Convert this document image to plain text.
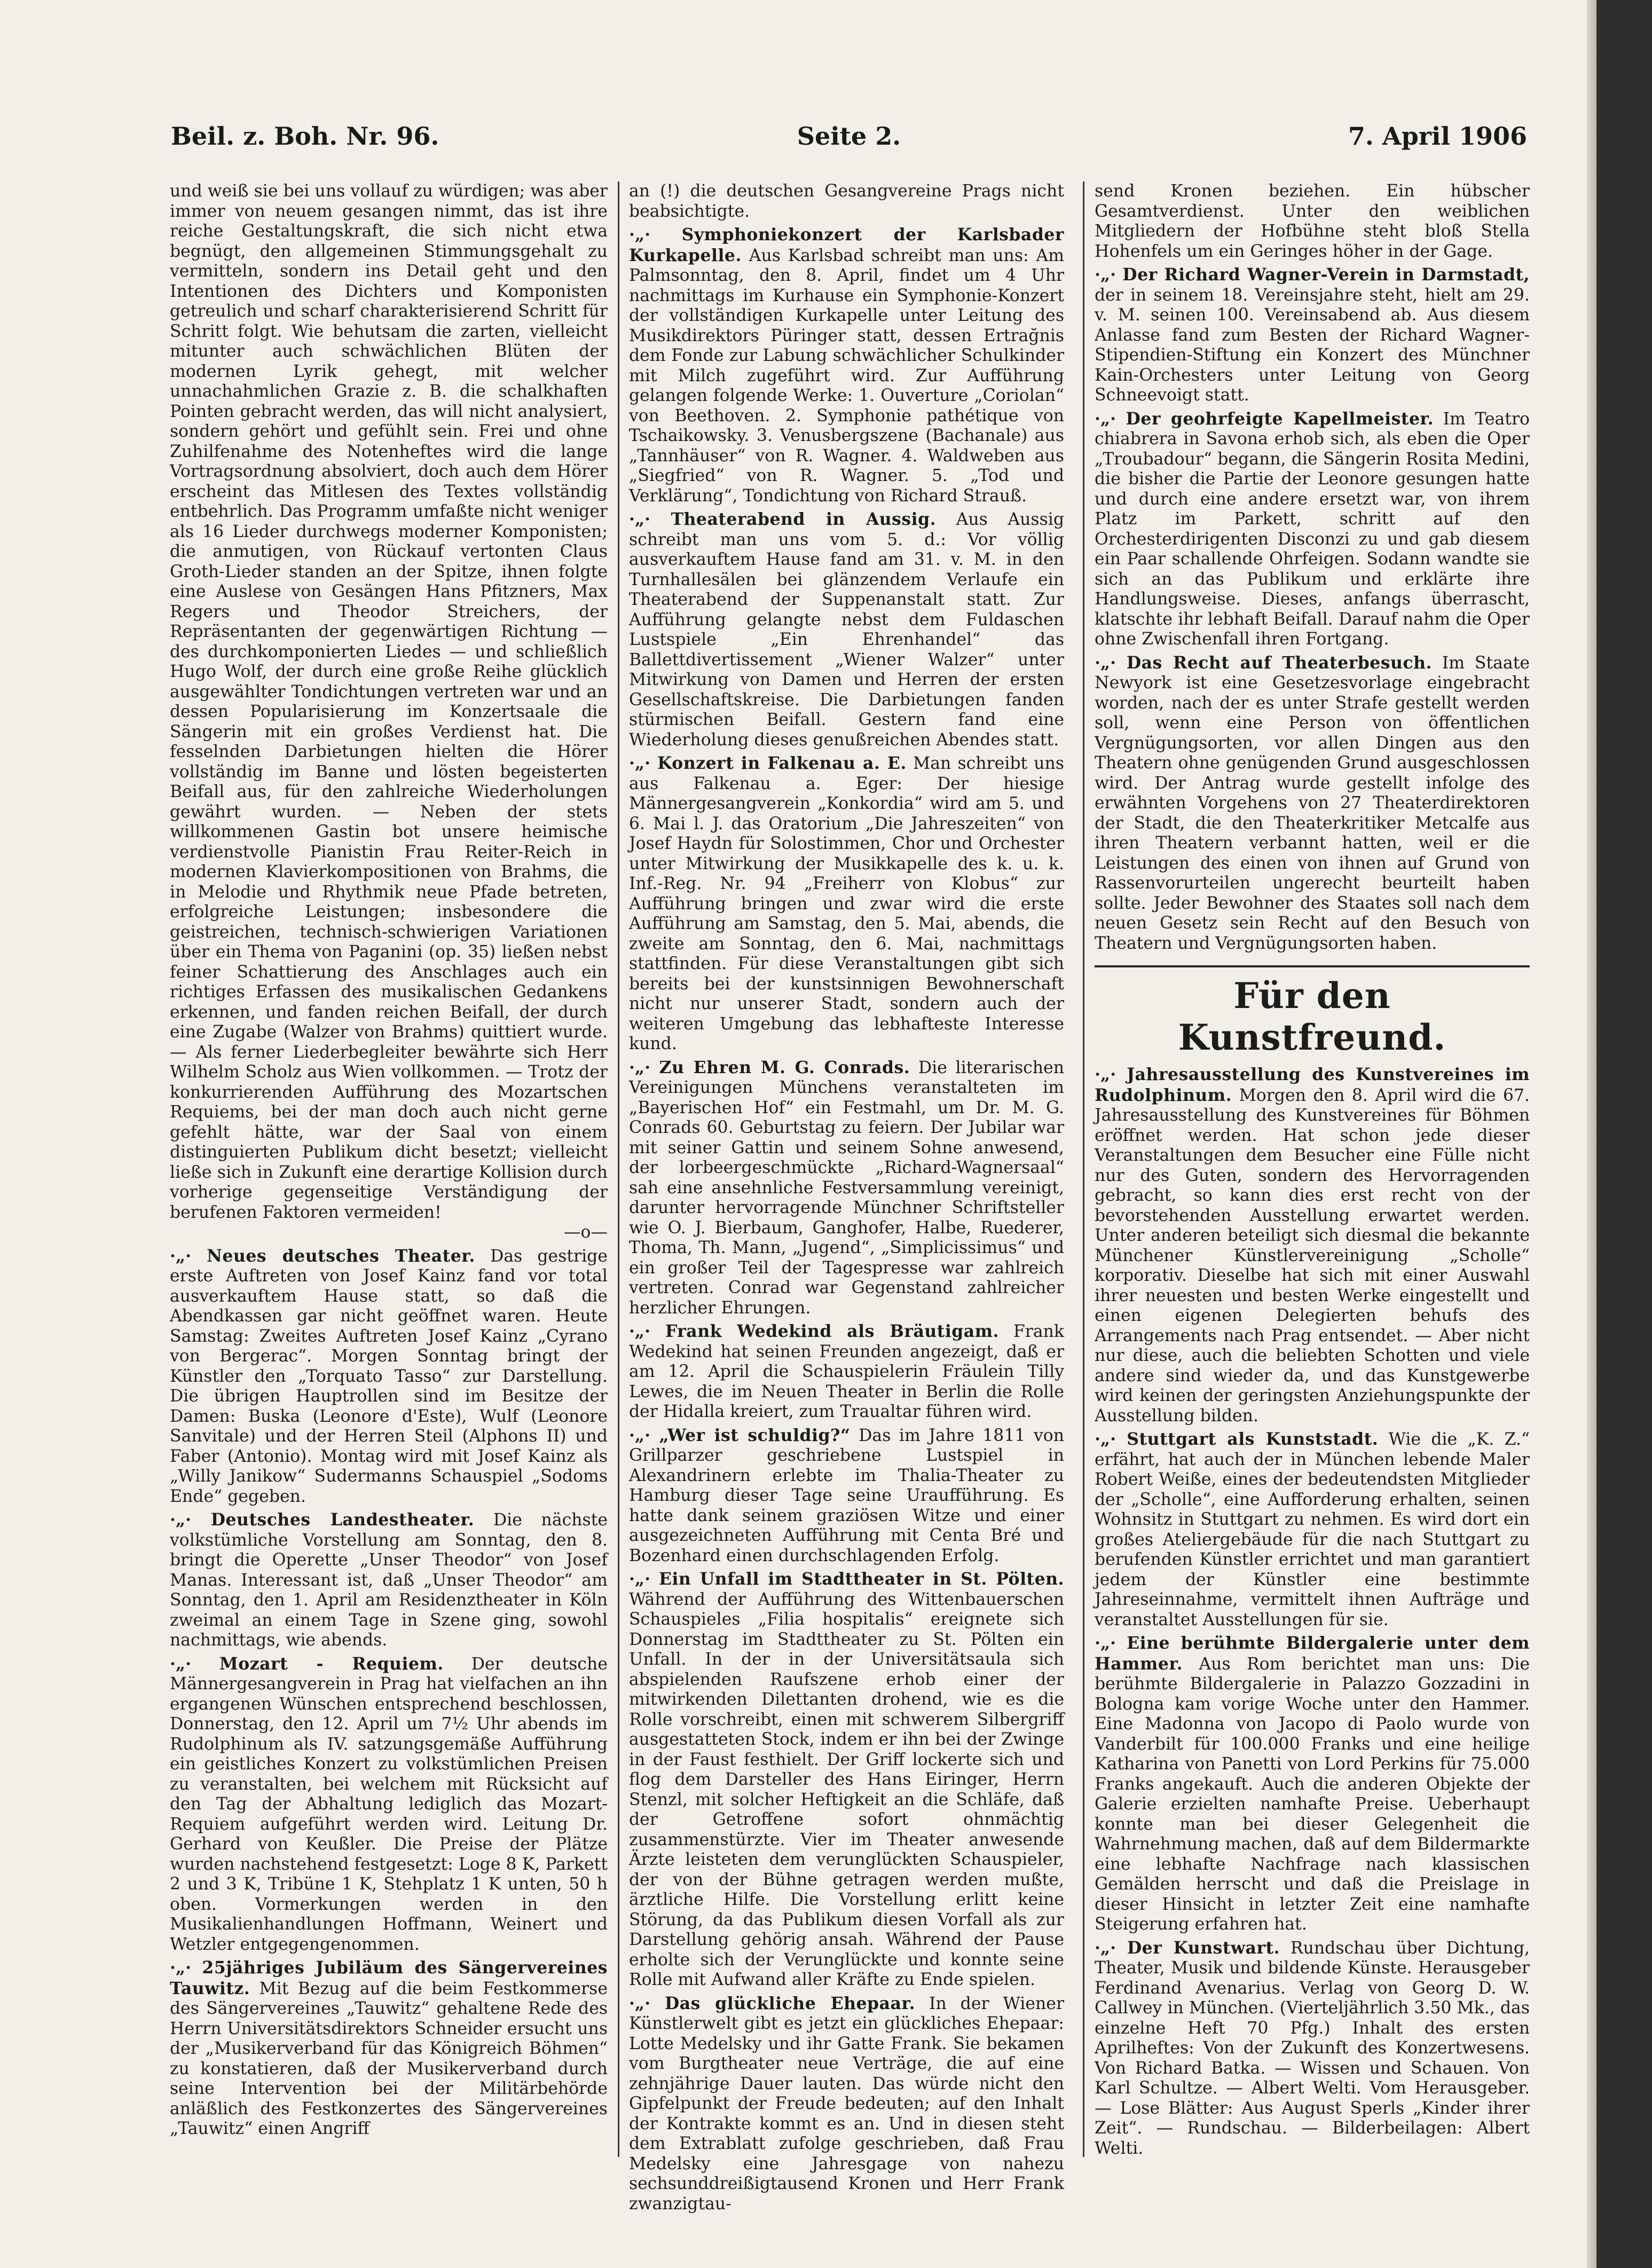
Beil. z. Boh. Nr. 96.	Seite 2.	7. April 1906

und weiß sie bei uns vollauf zu würdigen; was aber immer von neuem gesangen nimmt, das ist ihre reiche Gestaltungskraft, die sich nicht etwa begnügt, den allgemeinen Stimmungsgehalt zu vermitteln, sondern ins Detail geht und den Intentionen des Dichters und Komponisten getreulich und scharf charakterisierend Schritt für Schritt folgt. Wie behutsam die zarten, vielleicht mitunter auch schwächlichen Blüten der modernen Lyrik gehegt, mit welcher unnachahmlichen Grazie z. B. die schalkhaften Pointen gebracht werden, das will nicht analysiert, sondern gehört und gefühlt sein. Frei und ohne Zuhilfenahme des Notenheftes wird die lange Vortragsordnung absolviert, doch auch dem Hörer erscheint das Mitlesen des Textes vollständig entbehrlich. Das Programm umfaßte nicht weniger als 16 Lieder durchwegs moderner Komponisten; die anmutigen, von Rückauf vertonten Claus Groth-Lieder standen an der Spitze, ihnen folgte eine Auslese von Gesängen Hans Pfitzners, Max Regers und Theodor Streichers, der Repräsentanten der gegenwärtigen Richtung — des durchkomponierten Liedes — und schließlich Hugo Wolf, der durch eine große Reihe glücklich ausgewählter Tondichtungen vertreten war und an dessen Popularisierung im Konzertsaale die Sängerin mit ein großes Verdienst hat. Die fesselnden Darbietungen hielten die Hörer vollständig im Banne und lösten begeisterten Beifall aus, für den zahlreiche Wiederholungen gewährt wurden. — Neben der stets willkommenen Gastin bot unsere heimische verdienstvolle Pianistin Frau Reiter-Reich in modernen Klavierkompositionen von Brahms, die in Melodie und Rhythmik neue Pfade betreten, erfolgreiche Leistungen; insbesondere die geistreichen, technisch-schwierigen Variationen über ein Thema von Paganini (op. 35) ließen nebst feiner Schattierung des Anschlages auch ein richtiges Erfassen des musikalischen Gedankens erkennen, und fanden reichen Beifall, der durch eine Zugabe (Walzer von Brahms) quittiert wurde. — Als ferner Liederbegleiter bewährte sich Herr Wilhelm Scholz aus Wien vollkommen. — Trotz der konkurrierenden Aufführung des Mozartschen Requiems, bei der man doch auch nicht gerne gefehlt hätte, war der Saal von einem distinguierten Publikum dicht besetzt; vielleicht ließe sich in Zukunft eine derartige Kollision durch vorherige gegenseitige Verständigung der berufenen Faktoren vermeiden!
—o—

·„· Neues deutsches Theater. Das gestrige erste Auftreten von Josef Kainz fand vor total ausverkauftem Hause statt, so daß die Abendkassen gar nicht geöffnet waren. Heute Samstag: Zweites Auftreten Josef Kainz „Cyrano von Bergerac“. Morgen Sonntag bringt der Künstler den „Torquato Tasso“ zur Darstellung. Die übrigen Hauptrollen sind im Besitze der Damen: Buska (Leonore d'Este), Wulf (Leonore Sanvitale) und der Herren Steil (Alphons II) und Faber (Antonio). Montag wird mit Josef Kainz als „Willy Janikow“ Sudermanns Schauspiel „Sodoms Ende“ gegeben.

·„· Deutsches Landestheater. Die nächste volkstümliche Vorstellung am Sonntag, den 8. bringt die Operette „Unser Theodor“ von Josef Manas. Interessant ist, daß „Unser Theodor“ am Sonntag, den 1. April am Residenztheater in Köln zweimal an einem Tage in Szene ging, sowohl nachmittags, wie abends.

·„· Mozart - Requiem. Der deutsche Männergesangverein in Prag hat vielfachen an ihn ergangenen Wünschen entsprechend beschlossen, Donnerstag, den 12. April um 7½ Uhr abends im Rudolphinum als IV. satzungsgemäße Aufführung ein geistliches Konzert zu volkstümlichen Preisen zu veranstalten, bei welchem mit Rücksicht auf den Tag der Abhaltung lediglich das Mozart-Requiem aufgeführt werden wird. Leitung Dr. Gerhard von Keußler. Die Preise der Plätze wurden nachstehend festgesetzt: Loge 8 K, Parkett 2 und 3 K, Tribüne 1 K, Stehplatz 1 K unten, 50 h oben. Vormerkungen werden in den Musikalienhandlungen Hoffmann, Weinert und Wetzler entgegengenommen.

·„· 25jähriges Jubiläum des Sängervereines Tauwitz. Mit Bezug auf die beim Festkommerse des Sängervereines „Tauwitz“ gehaltene Rede des Herrn Universitätsdirektors Schneider ersucht uns der „Musikerverband für das Königreich Böhmen“ zu konstatieren, daß der Musikerverband durch seine Intervention bei der Militärbehörde anläßlich des Festkonzertes des Sängervereines „Tauwitz“ einen Angriff

an (!) die deutschen Gesangvereine Prags nicht beabsichtigte.

·„· Symphoniekonzert der Karlsbader Kurkapelle. Aus Karlsbad schreibt man uns: Am Palmsonntag, den 8. April, findet um 4 Uhr nachmittags im Kurhause ein Symphonie-Konzert der vollständigen Kurkapelle unter Leitung des Musikdirektors Püringer statt, dessen Ertrağnis dem Fonde zur Labung schwächlicher Schulkinder mit Milch zugeführt wird. Zur Aufführung gelangen folgende Werke: 1. Ouverture „Coriolan“ von Beethoven. 2. Symphonie pathétique von Tschaikowsky. 3. Venusbergszene (Bachanale) aus „Tannhäuser“ von R. Wagner. 4. Waldweben aus „Siegfried“ von R. Wagner. 5. „Tod und Verklärung“, Tondichtung von Richard Strauß.

·„· Theaterabend in Aussig. Aus Aussig schreibt man uns vom 5. d.: Vor völlig ausverkauftem Hause fand am 31. v. M. in den Turnhallesälen bei glänzendem Verlaufe ein Theaterabend der Suppenanstalt statt. Zur Aufführung gelangte nebst dem Fuldaschen Lustspiele „Ein Ehrenhandel“ das Ballettdivertissement „Wiener Walzer“ unter Mitwirkung von Damen und Herren der ersten Gesellschaftskreise. Die Darbietungen fanden stürmischen Beifall. Gestern fand eine Wiederholung dieses genußreichen Abendes statt.

·„· Konzert in Falkenau a. E. Man schreibt uns aus Falkenau a. Eger: Der hiesige Männergesangverein „Konkordia“ wird am 5. und 6. Mai l. J. das Oratorium „Die Jahreszeiten“ von Josef Haydn für Solostimmen, Chor und Orchester unter Mitwirkung der Musikkapelle des k. u. k. Inf.-Reg. Nr. 94 „Freiherr von Klobus“ zur Aufführung bringen und zwar wird die erste Aufführung am Samstag, den 5. Mai, abends, die zweite am Sonntag, den 6. Mai, nachmittags stattfinden. Für diese Veranstaltungen gibt sich bereits bei der kunstsinnigen Bewohnerschaft nicht nur unserer Stadt, sondern auch der weiteren Umgebung das lebhafteste Interesse kund.

·„· Zu Ehren M. G. Conrads. Die literarischen Vereinigungen Münchens veranstalteten im „Bayerischen Hof“ ein Festmahl, um Dr. M. G. Conrads 60. Geburtstag zu feiern. Der Jubilar war mit seiner Gattin und seinem Sohne anwesend, der lorbeergeschmückte „Richard-Wagnersaal“ sah eine ansehnliche Festversammlung vereinigt, darunter hervorragende Münchner Schriftsteller wie O. J. Bierbaum, Ganghofer, Halbe, Ruederer, Thoma, Th. Mann, „Jugend“, „Simplicissimus“ und ein großer Teil der Tagespresse war zahlreich vertreten. Conrad war Gegenstand zahlreicher herzlicher Ehrungen.

·„· Frank Wedekind als Bräutigam. Frank Wedekind hat seinen Freunden angezeigt, daß er am 12. April die Schauspielerin Fräulein Tilly Lewes, die im Neuen Theater in Berlin die Rolle der Hidalla kreiert, zum Traualtar führen wird.

·„· „Wer ist schuldig?“ Das im Jahre 1811 von Grillparzer geschriebene Lustspiel in Alexandrinern erlebte im Thalia-Theater zu Hamburg dieser Tage seine Uraufführung. Es hatte dank seinem graziösen Witze und einer ausgezeichneten Aufführung mit Centa Bré und Bozenhard einen durchschlagenden Erfolg.

·„· Ein Unfall im Stadttheater in St. Pölten. Während der Aufführung des Wittenbauerschen Schauspieles „Filia hospitalis“ ereignete sich Donnerstag im Stadttheater zu St. Pölten ein Unfall. In der in der Universitätsaula sich abspielenden Raufszene erhob einer der mitwirkenden Dilettanten drohend, wie es die Rolle vorschreibt, einen mit schwerem Silbergriff ausgestatteten Stock, indem er ihn bei der Zwinge in der Faust festhielt. Der Griff lockerte sich und flog dem Darsteller des Hans Eiringer, Herrn Stenzl, mit solcher Heftigkeit an die Schläfe, daß der Getroffene sofort ohnmächtig zusammenstürzte. Vier im Theater anwesende Ärzte leisteten dem verunglückten Schauspieler, der von der Bühne getragen werden mußte, ärztliche Hilfe. Die Vorstellung erlitt keine Störung, da das Publikum diesen Vorfall als zur Darstellung gehörig ansah. Während der Pause erholte sich der Verunglückte und konnte seine Rolle mit Aufwand aller Kräfte zu Ende spielen.

·„· Das glückliche Ehepaar. In der Wiener Künstlerwelt gibt es jetzt ein glückliches Ehepaar: Lotte Medelsky und ihr Gatte Frank. Sie bekamen vom Burgtheater neue Verträge, die auf eine zehnjährige Dauer lauten. Das würde nicht den Gipfelpunkt der Freude bedeuten; auf den Inhalt der Kontrakte kommt es an. Und in diesen steht dem Extrablatt zufolge geschrieben, daß Frau Medelsky eine Jahresgage von nahezu sechsunddreißigtausend Kronen und Herr Frank zwanzigtau-

send Kronen beziehen. Ein hübscher Gesamtverdienst. Unter den weiblichen Mitgliedern der Hofbühne steht bloß Stella Hohenfels um ein Geringes höher in der Gage.

·„· Der Richard Wagner-Verein in Darmstadt, der in seinem 18. Vereinsjahre steht, hielt am 29. v. M. seinen 100. Vereinsabend ab. Aus diesem Anlasse fand zum Besten der Richard Wagner-Stipendien-Stiftung ein Konzert des Münchner Kain-Orchesters unter Leitung von Georg Schneevoigt statt.

·„· Der geohrfeigte Kapellmeister. Im Teatro chiabrera in Savona erhob sich, als eben die Oper „Troubadour“ begann, die Sängerin Rosita Medini, die bisher die Partie der Leonore gesungen hatte und durch eine andere ersetzt war, von ihrem Platz im Parkett, schritt auf den Orchesterdirigenten Disconzi zu und gab diesem ein Paar schallende Ohrfeigen. Sodann wandte sie sich an das Publikum und erklärte ihre Handlungsweise. Dieses, anfangs überrascht, klatschte ihr lebhaft Beifall. Darauf nahm die Oper ohne Zwischenfall ihren Fortgang.

·„· Das Recht auf Theaterbesuch. Im Staate Newyork ist eine Gesetzesvorlage eingebracht worden, nach der es unter Strafe gestellt werden soll, wenn eine Person von öffentlichen Vergnügungsorten, vor allen Dingen aus den Theatern ohne genügenden Grund ausgeschlossen wird. Der Antrag wurde gestellt infolge des erwähnten Vorgehens von 27 Theaterdirektoren der Stadt, die den Theaterkritiker Metcalfe aus ihren Theatern verbannt hatten, weil er die Leistungen des einen von ihnen auf Grund von Rassenvorurteilen ungerecht beurteilt haben sollte. Jeder Bewohner des Staates soll nach dem neuen Gesetz sein Recht auf den Besuch von Theatern und Vergnügungsorten haben.

Für den Kunstfreund.

·„· Jahresausstellung des Kunstvereines im Rudolphinum. Morgen den 8. April wird die 67. Jahresausstellung des Kunstvereines für Böhmen eröffnet werden. Hat schon jede dieser Veranstaltungen dem Besucher eine Fülle nicht nur des Guten, sondern des Hervorragenden gebracht, so kann dies erst recht von der bevorstehenden Ausstellung erwartet werden. Unter anderen beteiligt sich diesmal die bekannte Münchener Künstlervereinigung „Scholle“ korporativ. Dieselbe hat sich mit einer Auswahl ihrer neuesten und besten Werke eingestellt und einen eigenen Delegierten behufs des Arrangements nach Prag entsendet. — Aber nicht nur diese, auch die beliebten Schotten und viele andere sind wieder da, und das Kunstgewerbe wird keinen der geringsten Anziehungspunkte der Ausstellung bilden.

·„· Stuttgart als Kunststadt. Wie die „K. Z.“ erfährt, hat auch der in München lebende Maler Robert Weiße, eines der bedeutendsten Mitglieder der „Scholle“, eine Aufforderung erhalten, seinen Wohnsitz in Stuttgart zu nehmen. Es wird dort ein großes Ateliergebäude für die nach Stuttgart zu berufenden Künstler errichtet und man garantiert jedem der Künstler eine bestimmte Jahreseinnahme, vermittelt ihnen Aufträge und veranstaltet Ausstellungen für sie.

·„· Eine berühmte Bildergalerie unter dem Hammer. Aus Rom berichtet man uns: Die berühmte Bildergalerie in Palazzo Gozzadini in Bologna kam vorige Woche unter den Hammer. Eine Madonna von Jacopo di Paolo wurde von Vanderbilt für 100.000 Franks und eine heilige Katharina von Panetti von Lord Perkins für 75.000 Franks angekauft. Auch die anderen Objekte der Galerie erzielten namhafte Preise. Ueberhaupt konnte man bei dieser Gelegenheit die Wahrnehmung machen, daß auf dem Bildermarkte eine lebhafte Nachfrage nach klassischen Gemälden herrscht und daß die Preislage in dieser Hinsicht in letzter Zeit eine namhafte Steigerung erfahren hat.

·„· Der Kunstwart. Rundschau über Dichtung, Theater, Musik und bildende Künste. Herausgeber Ferdinand Avenarius. Verlag von Georg D. W. Callwey in München. (Vierteljährlich 3.50 Mk., das einzelne Heft 70 Pfg.) Inhalt des ersten Aprilheftes: Von der Zukunft des Konzertwesens. Von Richard Batka. — Wissen und Schauen. Von Karl Schultze. — Albert Welti. Vom Herausgeber. — Lose Blätter: Aus August Sperls „Kinder ihrer Zeit“. — Rundschau. — Bilderbeilagen: Albert Welti.
